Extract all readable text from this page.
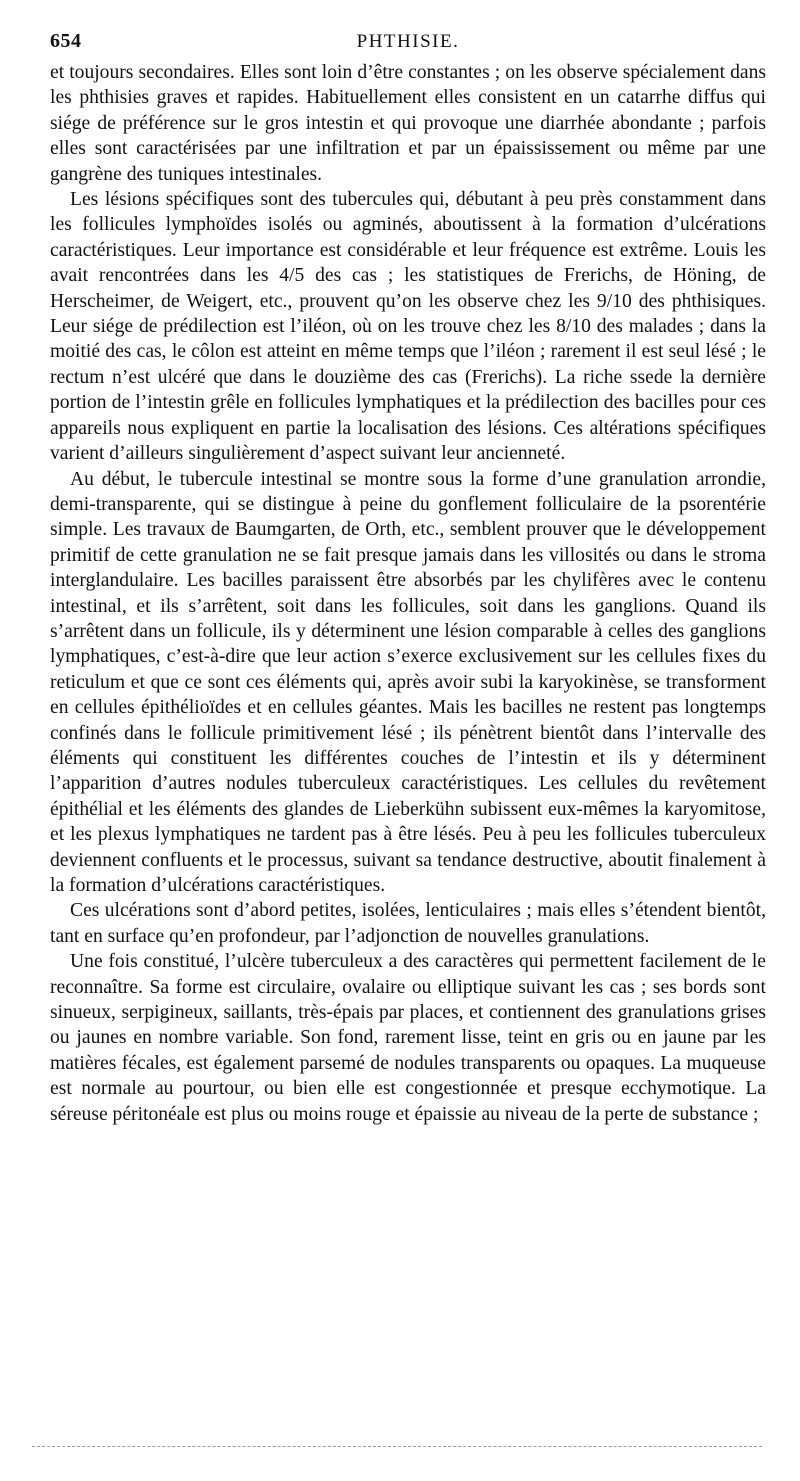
654	PHTHISIE.

et toujours secondaires. Elles sont loin d’être constantes ; on les observe spécialement dans les phthisies graves et rapides. Habituellement elles consistent en un catarrhe diffus qui siége de préférence sur le gros intestin et qui provoque une diarrhée abondante ; parfois elles sont caractérisées par une infiltration et par un épaississement ou même par une gangrène des tuniques intestinales.

Les lésions spécifiques sont des tubercules qui, débutant à peu près constamment dans les follicules lymphoïdes isolés ou agminés, aboutissent à la formation d’ulcérations caractéristiques. Leur importance est considérable et leur fréquence est extrême. Louis les avait rencontrées dans les 4/5 des cas ; les statistiques de Frerichs, de Höning, de Herscheimer, de Weigert, etc., prouvent qu’on les observe chez les 9/10 des phthisiques. Leur siége de prédilection est l’iléon, où on les trouve chez les 8/10 des malades ; dans la moitié des cas, le côlon est atteint en même temps que l’iléon ; rarement il est seul lésé ; le rectum n’est ulcéré que dans le douzième des cas (Frerichs). La riche ssede la dernière portion de l’intestin grêle en follicules lymphatiques et la prédilection des bacilles pour ces appareils nous expliquent en partie la localisation des lésions. Ces altérations spécifiques varient d’ailleurs singulièrement d’aspect suivant leur ancienneté.

Au début, le tubercule intestinal se montre sous la forme d’une granulation arrondie, demi-transparente, qui se distingue à peine du gonflement folliculaire de la psorentérie simple. Les travaux de Baumgarten, de Orth, etc., semblent prouver que le développement primitif de cette granulation ne se fait presque jamais dans les villosités ou dans le stroma interglandulaire. Les bacilles paraissent être absorbés par les chylifères avec le contenu intestinal, et ils s’arrêtent, soit dans les follicules, soit dans les ganglions. Quand ils s’arrêtent dans un follicule, ils y déterminent une lésion comparable à celles des ganglions lymphatiques, c’est-à-dire que leur action s’exerce exclusivement sur les cellules fixes du reticulum et que ce sont ces éléments qui, après avoir subi la karyokinèse, se transforment en cellules épithélioïdes et en cellules géantes. Mais les bacilles ne restent pas longtemps confinés dans le follicule primitivement lésé ; ils pénètrent bientôt dans l’intervalle des éléments qui constituent les différentes couches de l’intestin et ils y déterminent l’apparition d’autres nodules tuberculeux caractéristiques. Les cellules du revêtement épithélial et les éléments des glandes de Lieberkühn subissent eux-mêmes la karyomitose, et les plexus lymphatiques ne tardent pas à être lésés. Peu à peu les follicules tuberculeux deviennent confluents et le processus, suivant sa tendance destructive, aboutit finalement à la formation d’ulcérations caractéristiques.

Ces ulcérations sont d’abord petites, isolées, lenticulaires ; mais elles s’étendent bientôt, tant en surface qu’en profondeur, par l’adjonction de nouvelles granulations.

Une fois constitué, l’ulcère tuberculeux a des caractères qui permettent facilement de le reconnaître. Sa forme est circulaire, ovalaire ou elliptique suivant les cas ; ses bords sont sinueux, serpigineux, saillants, très-épais par places, et contiennent des granulations grises ou jaunes en nombre variable. Son fond, rarement lisse, teint en gris ou en jaune par les matières fécales, est également parsemé de nodules transparents ou opaques. La muqueuse est normale au pourtour, ou bien elle est congestionnée et presque ecchymotique. La séreuse péritonéale est plus ou moins rouge et épaissie au niveau de la perte de substance ;
